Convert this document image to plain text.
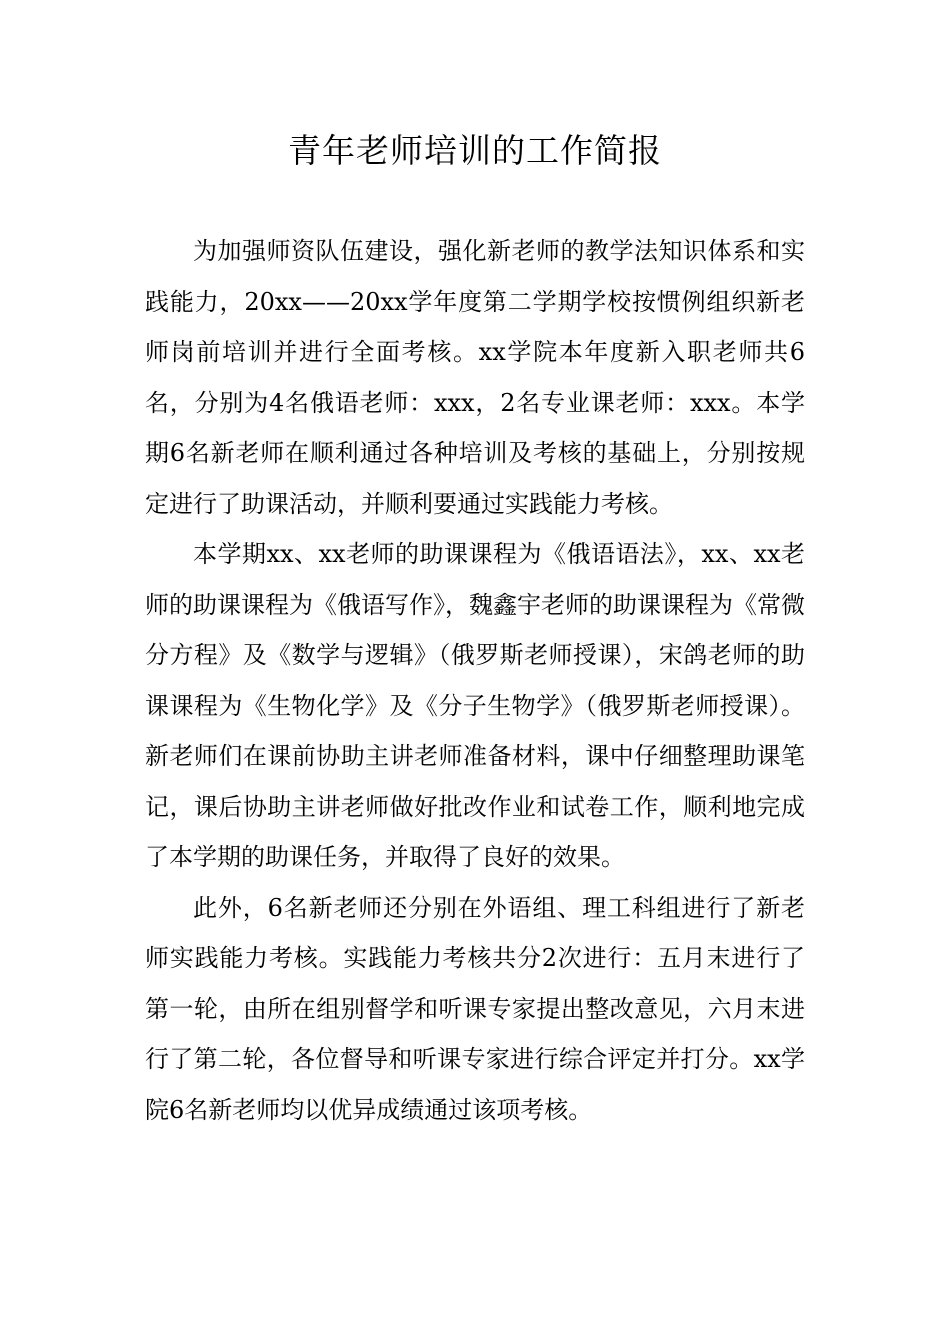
青年老师培训的工作简报

为加强师资队伍建设，强化新老师的教学法知识体系和实践能力，20xx——20xx学年度第二学期学校按惯例组织新老师岗前培训并进行全面考核。xx学院本年度新入职老师共6名，分别为4名俄语老师：xxx，2名专业课老师：xxx。本学期6名新老师在顺利通过各种培训及考核的基础上，分别按规定进行了助课活动，并顺利要通过实践能力考核。

本学期xx、xx老师的助课课程为《俄语语法》，xx、xx老师的助课课程为《俄语写作》，魏鑫宇老师的助课课程为《常微分方程》及《数学与逻辑》（俄罗斯老师授课），宋鸽老师的助课课程为《生物化学》及《分子生物学》（俄罗斯老师授课）。新老师们在课前协助主讲老师准备材料，课中仔细整理助课笔记，课后协助主讲老师做好批改作业和试卷工作，顺利地完成了本学期的助课任务，并取得了良好的效果。

此外，6名新老师还分别在外语组、理工科组进行了新老师实践能力考核。实践能力考核共分2次进行：五月末进行了第一轮，由所在组别督学和听课专家提出整改意见，六月末进行了第二轮，各位督导和听课专家进行综合评定并打分。xx学院6名新老师均以优异成绩通过该项考核。
